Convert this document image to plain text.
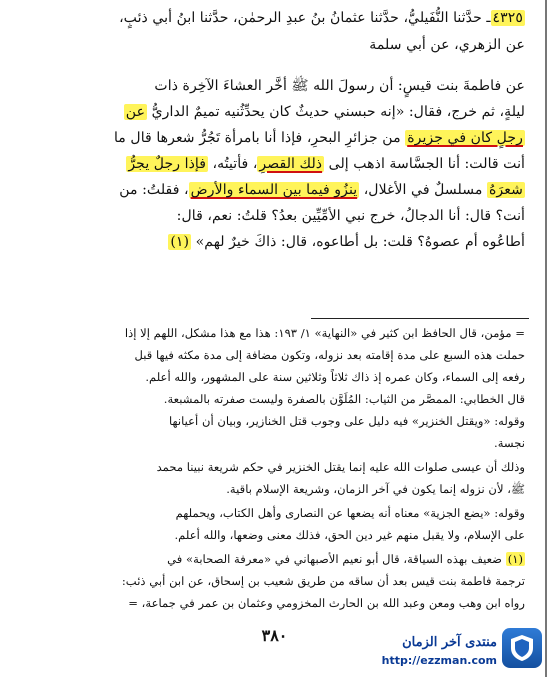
٤٣٢٥ـ حدَّثنا النُّفَيليُّ، حدَّثنا عثمانُ بنُ عبدِ الرحمٰن، حدَّثنا ابنُ أبي ذئبٍ،
عن الزهري، عن أبي سلمة
عن فاطمةَ بنت قيسٍ: أن رسولَ الله ﷺ أخَّر العشاءَ الآخِرة ذات
ليلةٍ، ثم خرج، فقال: «إنه حبسني حديثٌ كان يحدِّثُنيه تميمٌ الداريُّ عن
رجلٍ كان في جزيرة من جزائرِ البحرِ، فإذا أنا بامرأة تَجُرُّ شعرها قال ما
أنت قالت: أنا الجسَّاسة اذهب إلى ذلك القصرِ، فأتيتُه، فإذا رجلٌ يجرُّ
شعرَهُ مسلسلٌ في الأغلال، ينزُو فيما بين السماء والأرض، فقلتُ: من
أنت؟ قال: أنا الدجالُ، خرج نبي الأمِّيِّين بعدُ؟ قلتُ: نعم، قال:
أطاعُوه أم عصوهُ؟ قلت: بل أطاعوه، قال: ذاكَ خيرٌ لهم» (١)
= مؤمن، قال الحافظ ابن كثير في «النهاية» ١/ ١٩٣: هذا مع هذا مشكل، اللهم إلا إذا
حملت هذه السبع على مدة إقامته بعد نزوله، وتكون مضافة إلى مدة مكثه فيها قبل
رفعه إلى السماء، وكان عمره إذ ذاك ثلاثاً وثلاثين سنة على المشهور، والله أعلم.
قال الخطابي: الممصَّر من الثياب: المُلَوَّن بالصفرة وليست صفرته بالمشبعة.
وقوله: «ويقتل الخنزير» فيه دليل على وجوب قتل الخنازير، وبيان أن أعيانها
نجسة.
وذلك أن عيسى صلوات الله عليه إنما يقتل الخنزير في حكم شريعة نبينا محمد
ﷺ، لأن نزوله إنما يكون في آخر الزمان، وشريعة الإسلام باقية.
وقوله: «يضع الجزية» معناه أنه يضعها عن النصارى وأهل الكتاب، ويحملهم
على الإسلام، ولا يقبل منهم غير دين الحق، فذلك معنى وضعها، والله أعلم.
(١) ضعيف بهذه السياقة، قال أبو نعيم الأصبهاني في «معرفة الصحابة» في
ترجمة فاطمة بنت قيس بعد أن ساقه من طريق شعيب بن إسحاق، عن ابن أبي ذئب:
رواه ابن وهب ومعن وعبد الله بن الحارث المخزومي وعثمان بن عمر في جماعة، =
٣٨٠	منتدى آخر الزمان
http://ezzman.com
